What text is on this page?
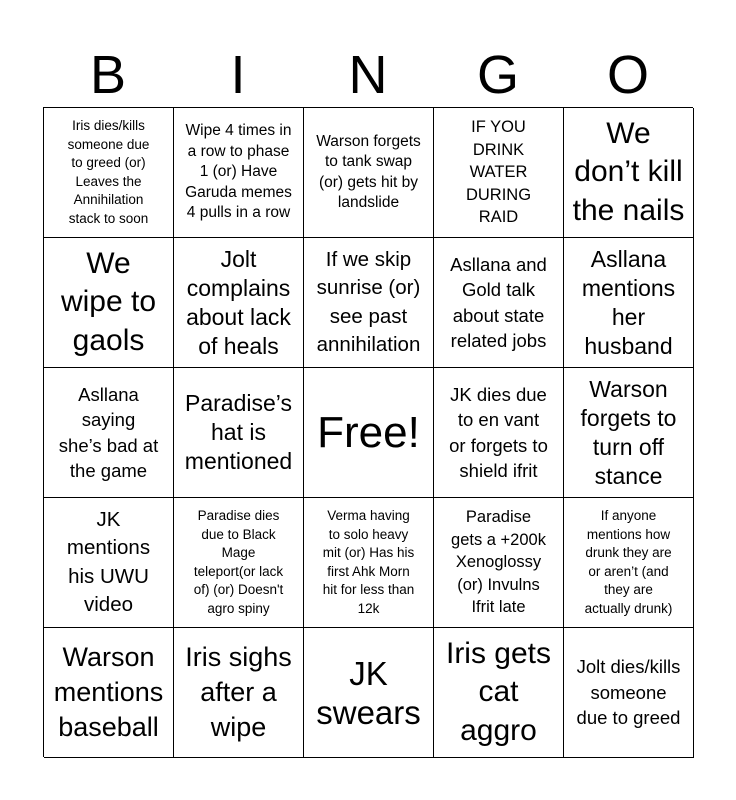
B	I	N	G	O
Iris dies/kills
someone due
to greed (or)
Leaves the
Annihilation
stack to soon
Wipe 4 times in
a row to phase
1 (or) Have
Garuda memes
4 pulls in a row
Warson forgets
to tank swap
(or) gets hit by
landslide
IF YOU
DRINK
WATER
DURING
RAID
We
don’t kill
the nails
We
wipe to
gaols
Jolt
complains
about lack
of heals
If we skip
sunrise (or)
see past
annihilation
Asllana and
Gold talk
about state
related jobs
Asllana
mentions
her
husband
Asllana
saying
she’s bad at
the game
Paradise’s
hat is
mentioned
Free!
JK dies due
to en vant
or forgets to
shield ifrit
Warson
forgets to
turn off
stance
JK
mentions
his UWU
video
Paradise dies
due to Black
Mage
teleport(or lack
of) (or) Doesn't
agro spiny
Verma having
to solo heavy
mit (or) Has his
first Ahk Morn
hit for less than
12k
Paradise
gets a +200k
Xenoglossy
(or) Invulns
Ifrit late
If anyone
mentions how
drunk they are
or aren’t (and
they are
actually drunk)
Warson
mentions
baseball
Iris sighs
after a
wipe
JK
swears
Iris gets
cat
aggro
Jolt dies/kills
someone
due to greed
